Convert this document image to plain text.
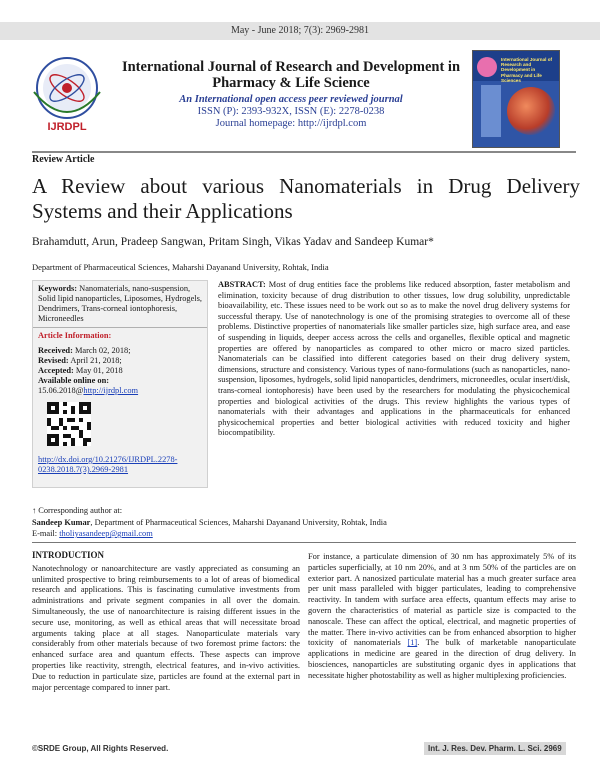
May - June 2018; 7(3): 2969-2981
IJRDPL
International Journal of Research and Development in Pharmacy & Life Science
An International open access peer reviewed journal
ISSN (P): 2393-932X, ISSN (E): 2278-0238
Journal homepage: http://ijrdpl.com
International Journal of Research and Development in Pharmacy and Life Sciences
Review Article
A Review about various Nanomaterials in Drug Delivery Systems and their Applications
Brahamdutt, Arun, Pradeep Sangwan, Pritam Singh, Vikas Yadav and Sandeep Kumar*
Department of Pharmaceutical Sciences, Maharshi Dayanand University, Rohtak, India
Keywords: Nanomaterials, nano-suspension, Solid lipid nanoparticles, Liposomes, Hydrogels, Dendrimers, Trans-corneal iontophoresis, Microneedles
Article Information:
Received: March 02, 2018;
Revised: April 21, 2018;
Accepted: May 01, 2018
Available online on:
15.06.2018@http://ijrdpl.com
http://dx.doi.org/10.21276/IJRDPL.2278-0238.2018.7(3).2969-2981
ABSTRACT: Most of drug entities face the problems like reduced absorption, faster metabolism and elimination, toxicity because of drug distribution to other tissues, low drug solubility, unpredictable bioavailability, etc. These issues need to be work out so as to make the novel drug delivery systems for successful therapy. Use of nanotechnology is one of the promising strategies to overcome all of these problems. Distinctive properties of nanomaterials like smaller particles size, high surface area, and ease of suspending in liquids, deeper access across the cells and organelles, flexible optical and magnetic properties are offered by nanoparticles as compared to other micro or macro sized particles. Nanomaterials can be classified into different categories based on their drug delivery system, dimensions, structure and consistency. Various types of nano-formulations (such as nanoparticles, nano-suspension, liposomes, hydrogels, solid lipid nanoparticles, dendrimers, microneedles, ocular insert/disk, trans-corneal iontophoresis) have been used by the researchers for modulating the physicochemical properties and biological activities of the drugs. This review highlights the various types of nanomaterials with their advantages and applications in the pharmaceuticals for enhanced physicochemical properties and better biological activities with reduced toxicity and higher biocompatibility.
↑ Corresponding author at:
Sandeep Kumar, Department of Pharmaceutical Sciences, Maharshi Dayanand University, Rohtak, India
E-mail: tholiyasandeep@gmail.com
INTRODUCTION
Nanotechnology or nanoarchitecture are vastly appreciated as consuming an unlimited prospective to bring reimbursements to a lot of areas of biomedical research and applications. This is fascinating cumulative investments from administrations and private segment companies in all over the domain. Simultaneously, the use of nanoarchitecture is raising different issues in the secure use, monitoring, as well as ethical areas that will necessitate broad arguments taking place at all stages. Nanoparticulate materials vary considerably from other materials because of two foremost prime factors: the enhanced surface area and quantum effects. These aspects can improve properties like reactivity, strength, electrical features, and in-vivo activities. Due to reduction in particulate size, particles are found at the external part in major percentage compared to inner part.
For instance, a particulate dimension of 30 nm has approximately 5% of its particles superficially, at 10 nm 20%, and at 3 nm 50% of the particles are on exterior part. A nanosized particulate material has a much greater surface area per unit mass paralleled with bigger particulates, leading to comprehensive reactivity. In tandem with surface area effects, quantum effects may arise to govern the characteristics of material as particle size is compacted to the nanoscale. These can affect the optical, electrical, and magnetic properties of the matter. There in-vivo activities can be from enhanced absorption to higher toxicity of nanomaterials [1]. The bulk of marketable nanoparticulate applications in medicine are geared in the direction of drug delivery. In biosciences, nanoparticles are substituting organic dyes in applications that necessitate higher photostability as well as higher multiplexing proficiencies.
©SRDE Group, All Rights Reserved.	Int. J. Res. Dev. Pharm. L. Sci. 2969
